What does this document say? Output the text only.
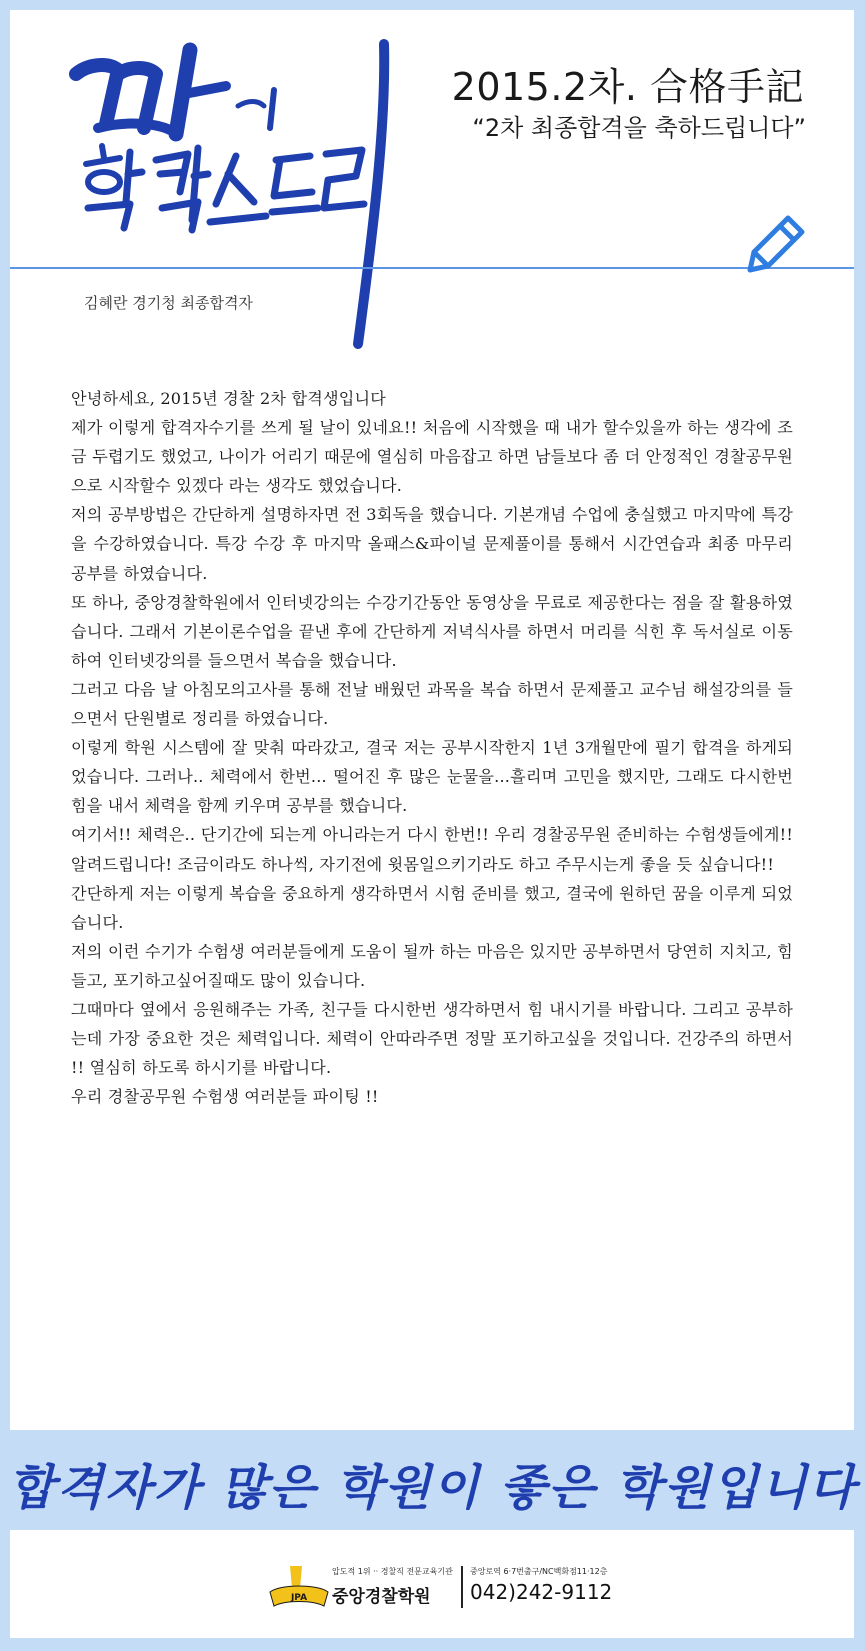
2015.2차. 合格手記
“2차 최종합격을 축하드립니다”
김혜란 경기청 최종합격자

안녕하세요, 2015년 경찰 2차 합격생입니다

제가 이렇게 합격자수기를 쓰게 될 날이 있네요!! 처음에 시작했을 때 내가 할수있을까 하는 생각에 조금 두렵기도 했었고, 나이가 어리기 때문에 열심히 마음잡고 하면 남들보다 좀 더 안정적인 경찰공무원으로 시작할수 있겠다 라는 생각도 했었습니다.

저의 공부방법은 간단하게 설명하자면 전 3회독을 했습니다. 기본개념 수업에 충실했고 마지막에 특강을 수강하였습니다. 특강 수강 후 마지막 올패스&파이널 문제풀이를 통해서 시간연습과 최종 마무리 공부를 하였습니다.

또 하나, 중앙경찰학원에서 인터넷강의는 수강기간동안 동영상을 무료로 제공한다는 점을 잘 활용하였습니다. 그래서 기본이론수업을 끝낸 후에 간단하게 저녁식사를 하면서 머리를 식힌 후 독서실로 이동하여 인터넷강의를 들으면서 복습을 했습니다.

그러고 다음 날 아침모의고사를 통해 전날 배웠던 과목을 복습 하면서 문제풀고 교수님 해설강의를 들으면서 단원별로 정리를 하였습니다.

이렇게 학원 시스템에 잘 맞춰 따라갔고, 결국 저는 공부시작한지 1년 3개월만에 필기 합격을 하게되었습니다. 그러나.. 체력에서 한번... 떨어진 후 많은 눈물을...흘리며 고민을 했지만, 그래도 다시한번 힘을 내서 체력을 함께 키우며 공부를 했습니다.

여기서!! 체력은.. 단기간에 되는게 아니라는거 다시 한번!! 우리 경찰공무원 준비하는 수험생들에게!!알려드립니다! 조금이라도 하나씩, 자기전에 윗몸일으키기라도 하고 주무시는게 좋을 듯 싶습니다!!

간단하게 저는 이렇게 복습을 중요하게 생각하면서 시험 준비를 했고, 결국에 원하던 꿈을 이루게 되었습니다.

저의 이런 수기가 수험생 여러분들에게 도움이 될까 하는 마음은 있지만 공부하면서 당연히 지치고, 힘들고, 포기하고싶어질때도 많이 있습니다.

그때마다 옆에서 응원해주는 가족, 친구들 다시한번 생각하면서 힘 내시기를 바랍니다. 그리고 공부하는데 가장 중요한 것은 체력입니다. 체력이 안따라주면 정말 포기하고싶을 것입니다. 건강주의 하면서 !! 열심히 하도록 하시기를 바랍니다.

우리 경찰공무원 수험생 여러분들 파이팅 !!

합격자가 많은 학원이 좋은 학원입니다
JPA
압도적 1위 ·· 경찰직 전문교육기관
중앙경찰학원
중앙로역 6·7번출구/NC백화점11·12층
042)242-9112
